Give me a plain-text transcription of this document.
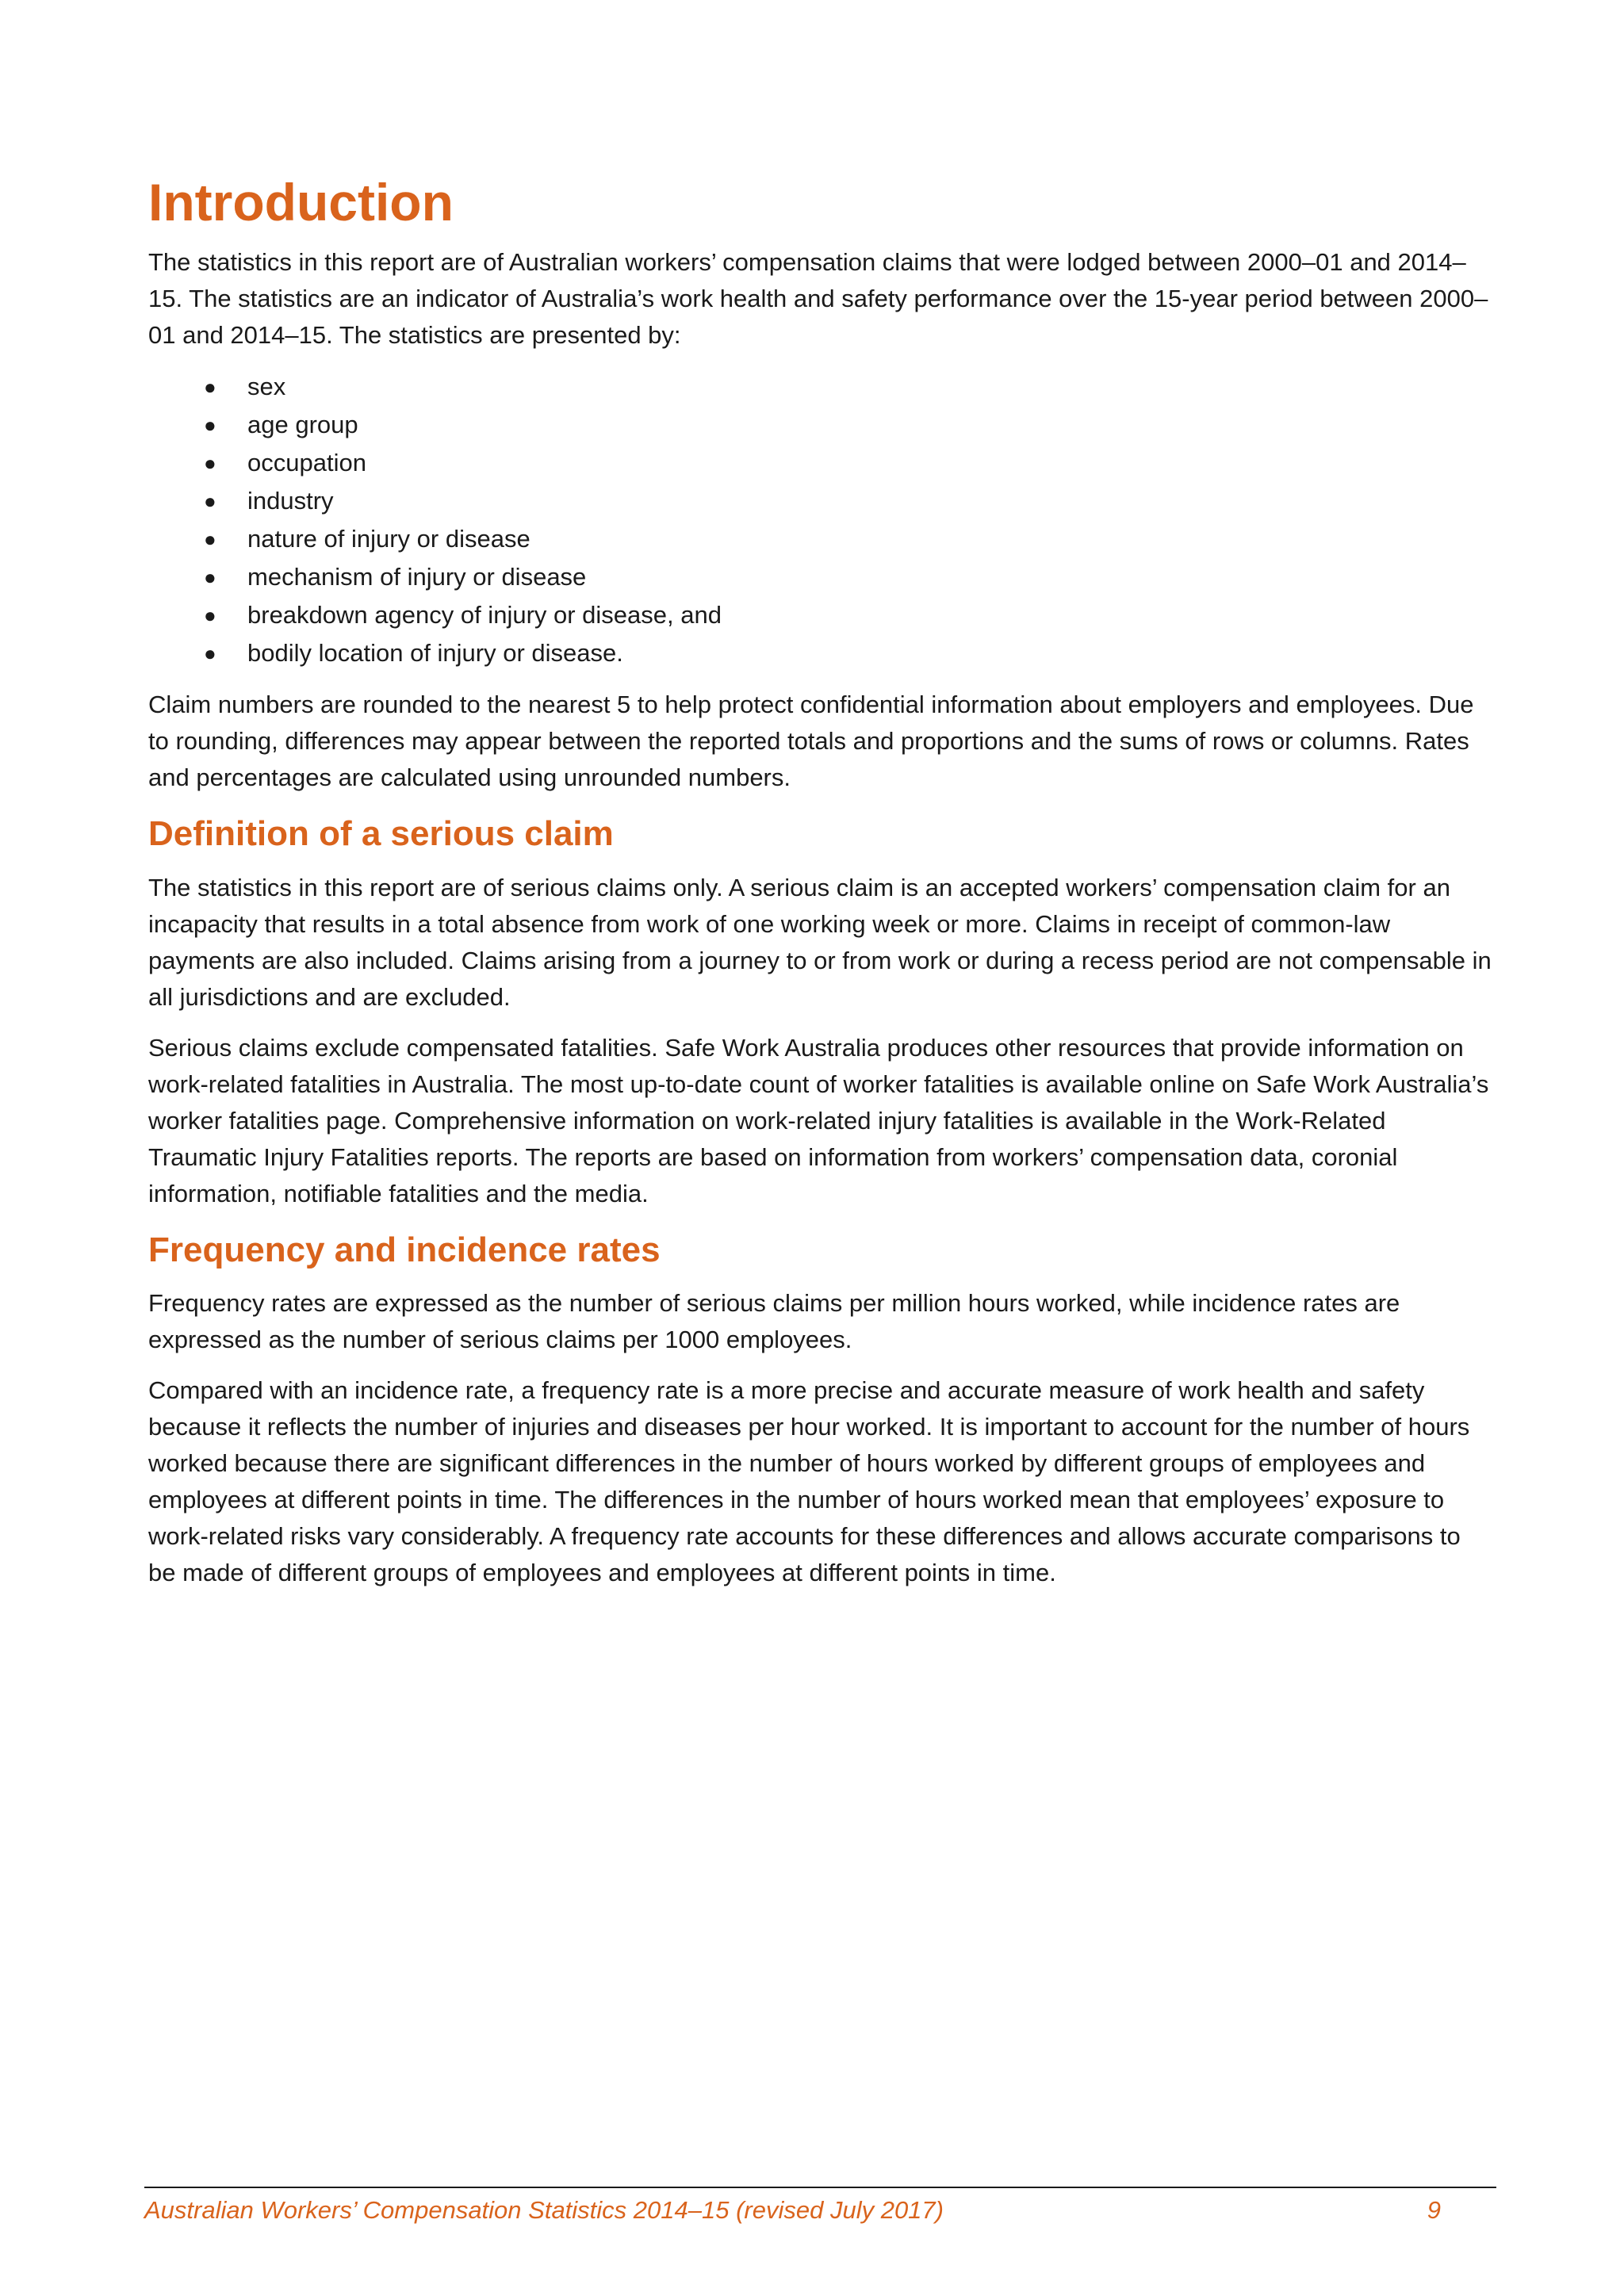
Introduction

The statistics in this report are of Australian workers’ compensation claims that were lodged between 2000–01 and 2014–15. The statistics are an indicator of Australia’s work health and safety performance over the 15-year period between 2000–01 and 2014–15. The statistics are presented by:

● sex
● age group
● occupation
● industry
● nature of injury or disease
● mechanism of injury or disease
● breakdown agency of injury or disease, and
● bodily location of injury or disease.

Claim numbers are rounded to the nearest 5 to help protect confidential information about employers and employees. Due to rounding, differences may appear between the reported totals and proportions and the sums of rows or columns. Rates and percentages are calculated using unrounded numbers.

Definition of a serious claim

The statistics in this report are of serious claims only. A serious claim is an accepted workers’ compensation claim for an incapacity that results in a total absence from work of one working week or more. Claims in receipt of common-law payments are also included. Claims arising from a journey to or from work or during a recess period are not compensable in all jurisdictions and are excluded.

Serious claims exclude compensated fatalities. Safe Work Australia produces other resources that provide information on work-related fatalities in Australia. The most up-to-date count of worker fatalities is available online on Safe Work Australia’s worker fatalities page. Comprehensive information on work-related injury fatalities is available in the Work-Related Traumatic Injury Fatalities reports. The reports are based on information from workers’ compensation data, coronial information, notifiable fatalities and the media.

Frequency and incidence rates

Frequency rates are expressed as the number of serious claims per million hours worked, while incidence rates are expressed as the number of serious claims per 1000 employees.

Compared with an incidence rate, a frequency rate is a more precise and accurate measure of work health and safety because it reflects the number of injuries and diseases per hour worked. It is important to account for the number of hours worked because there are significant differences in the number of hours worked by different groups of employees and employees at different points in time. The differences in the number of hours worked mean that employees’ exposure to work-related risks vary considerably. A frequency rate accounts for these differences and allows accurate comparisons to be made of different groups of employees and employees at different points in time.

Australian Workers’ Compensation Statistics 2014–15 (revised July 2017)	9
